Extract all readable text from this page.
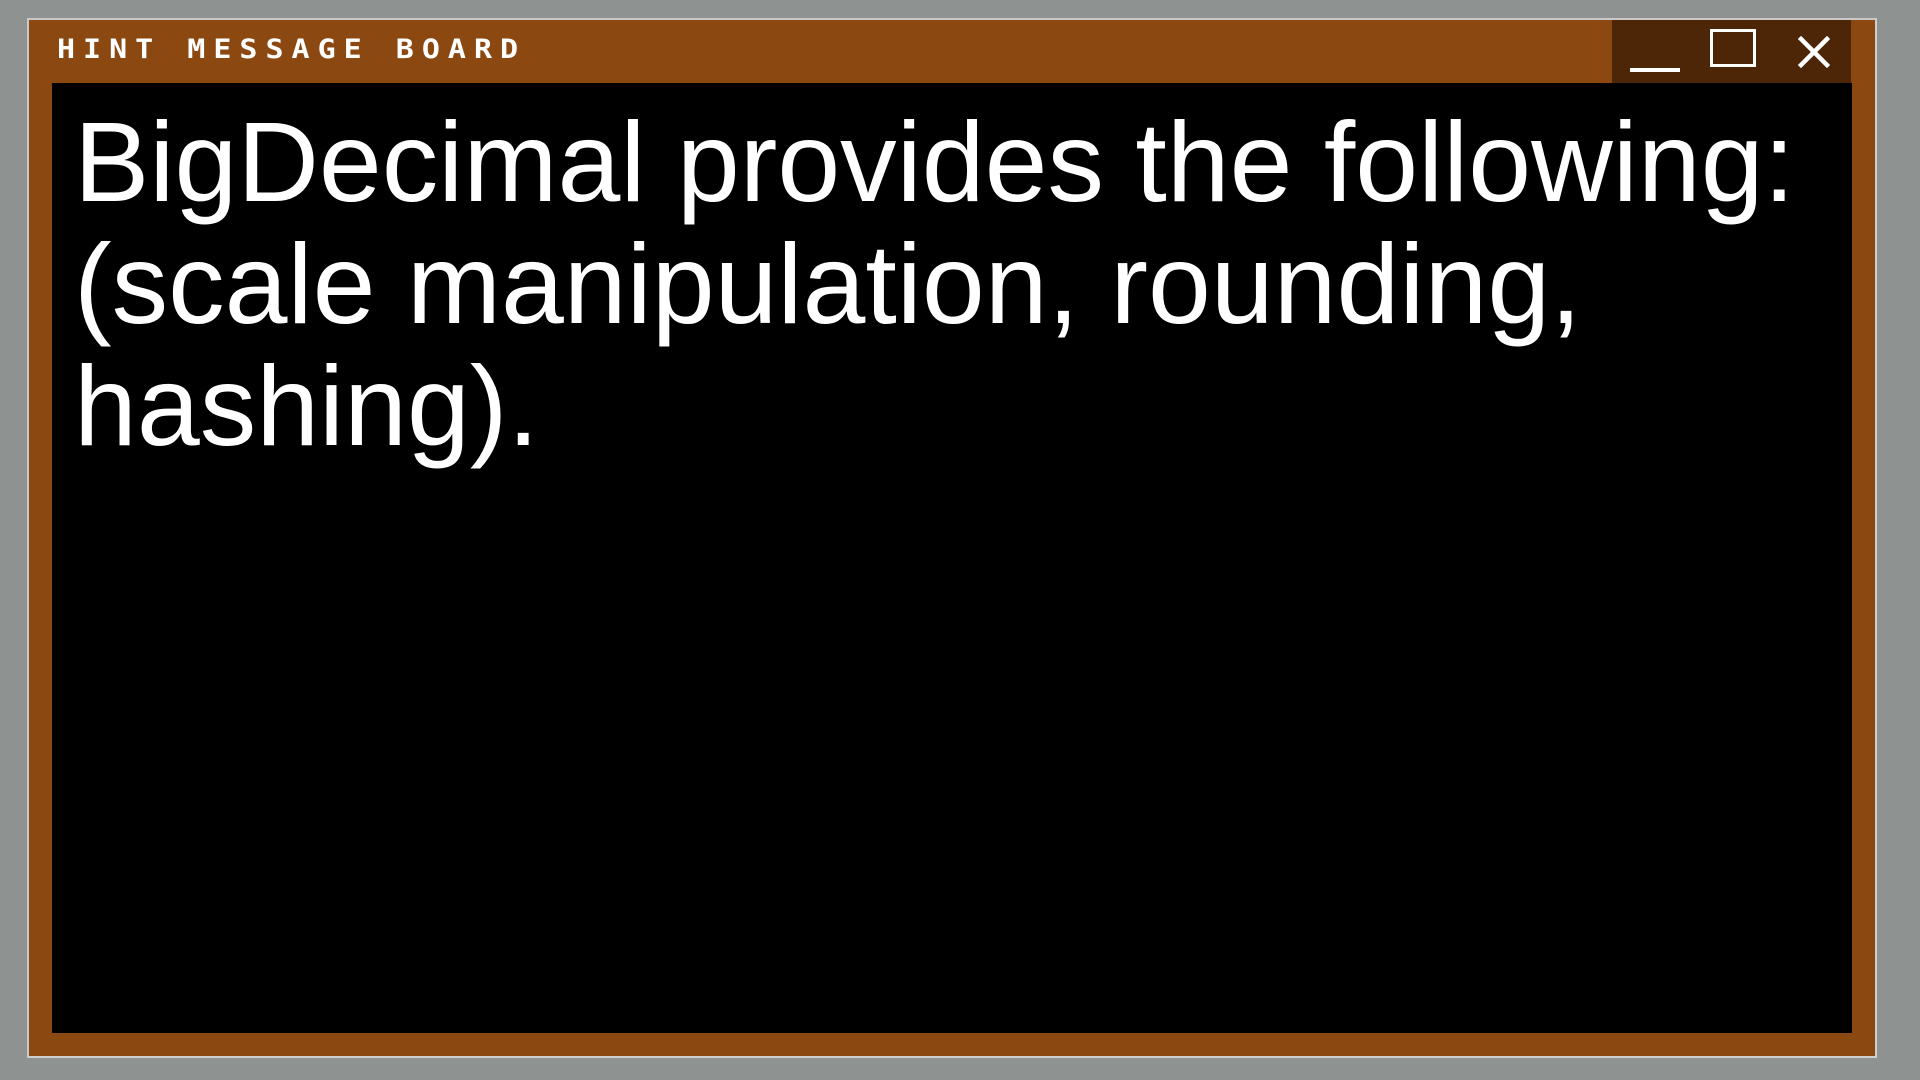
HINT MESSAGE BOARD

BigDecimal provides the following: (scale manipulation, rounding, hashing).
